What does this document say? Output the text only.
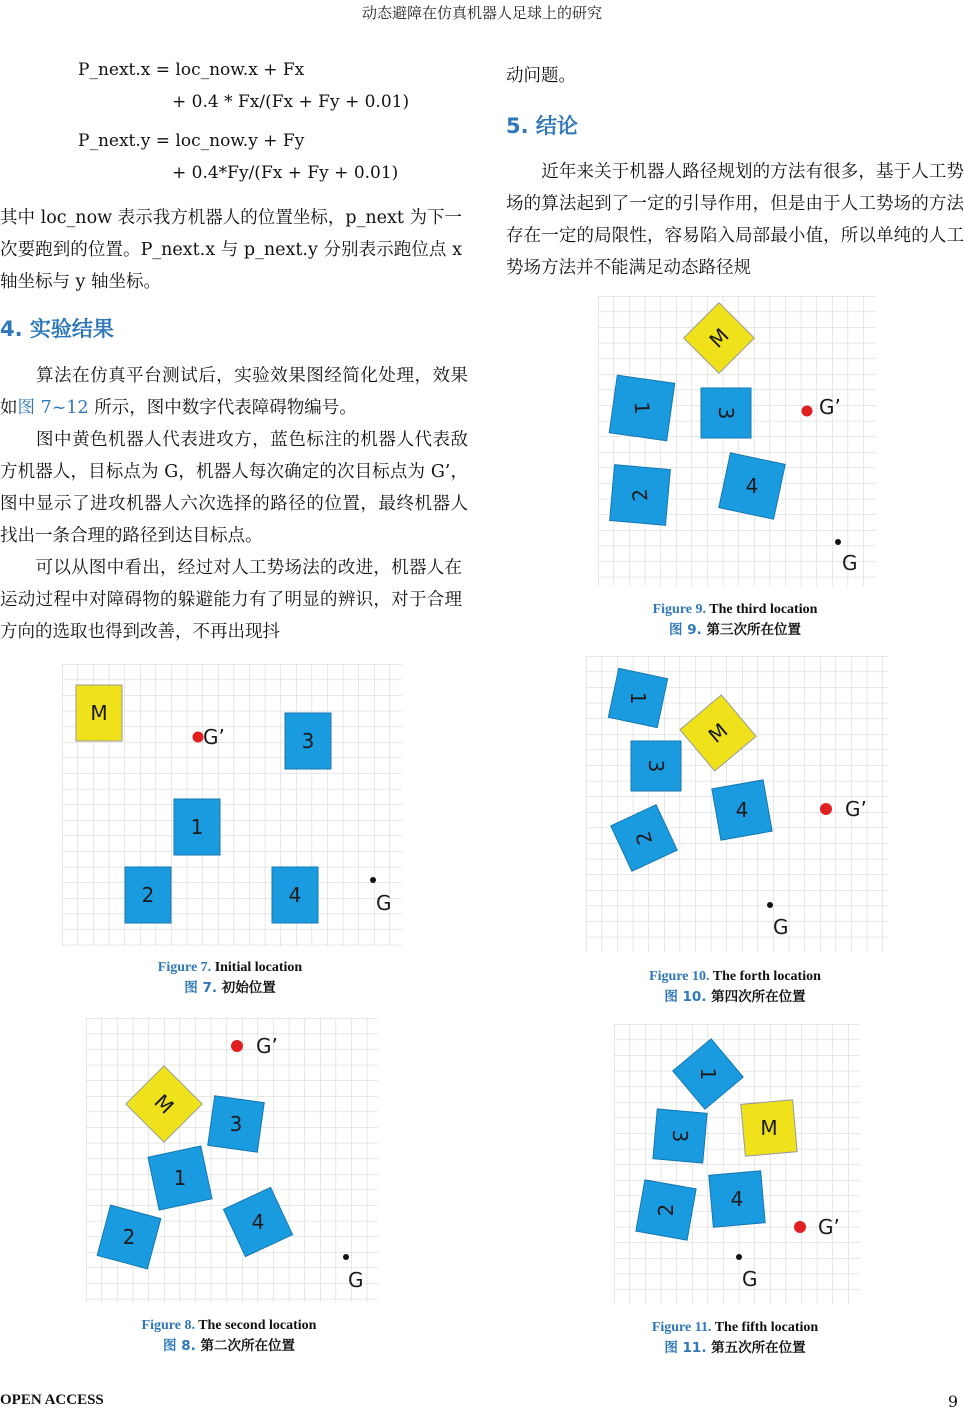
动态避障在仿真机器人足球上的研究
P_next.x = loc_now.x + Fx
+ 0.4 * Fx/(Fx + Fy + 0.01)
P_next.y = loc_now.y + Fy
+ 0.4*Fy/(Fx + Fy + 0.01)
其中 loc_now 表示我方机器人的位置坐标，p_next 为下一次要跑到的位置。P_next.x 与 p_next.y 分别表示跑位点 x 轴坐标与 y 轴坐标。
4. 实验结果
　　算法在仿真平台测试后，实验效果图经简化处理，效果如图 7~12 所示，图中数字代表障碍物编号。
　　图中黄色机器人代表进攻方，蓝色标注的机器人代表敌方机器人，目标点为 G，机器人每次确定的次目标点为 G’，图中显示了进攻机器人六次选择的路径的位置，最终机器人找出一条合理的路径到达目标点。
　　可以从图中看出，经过对人工势场法的改进，机器人在运动过程中对障碍物的躲避能力有了明显的辨识，对于合理方向的选取也得到改善，不再出现抖
动问题。
5. 结论
　　近年来关于机器人路径规划的方法有很多，基于人工势场的算法起到了一定的引导作用，但是由于人工势场的方法存在一定的局限性，容易陷入局部最小值，所以单纯的人工势场方法并不能满足动态路径规
M
1	3
2	4
G’
G
Figure 9. The third location
图 9. 第三次所在位置
M
G’	3
1
2	4	G
Figure 7. Initial location
图 7. 初始位置
1
M
3
4
2
G’
G
Figure 10. The forth location
图 10. 第四次所在位置
G’
M
3
1
4
2
G
Figure 8. The second location
图 8. 第二次所在位置
1
3	M
2	4
G’
G
Figure 11. The fifth location
图 11. 第五次所在位置
OPEN ACCESS	9
